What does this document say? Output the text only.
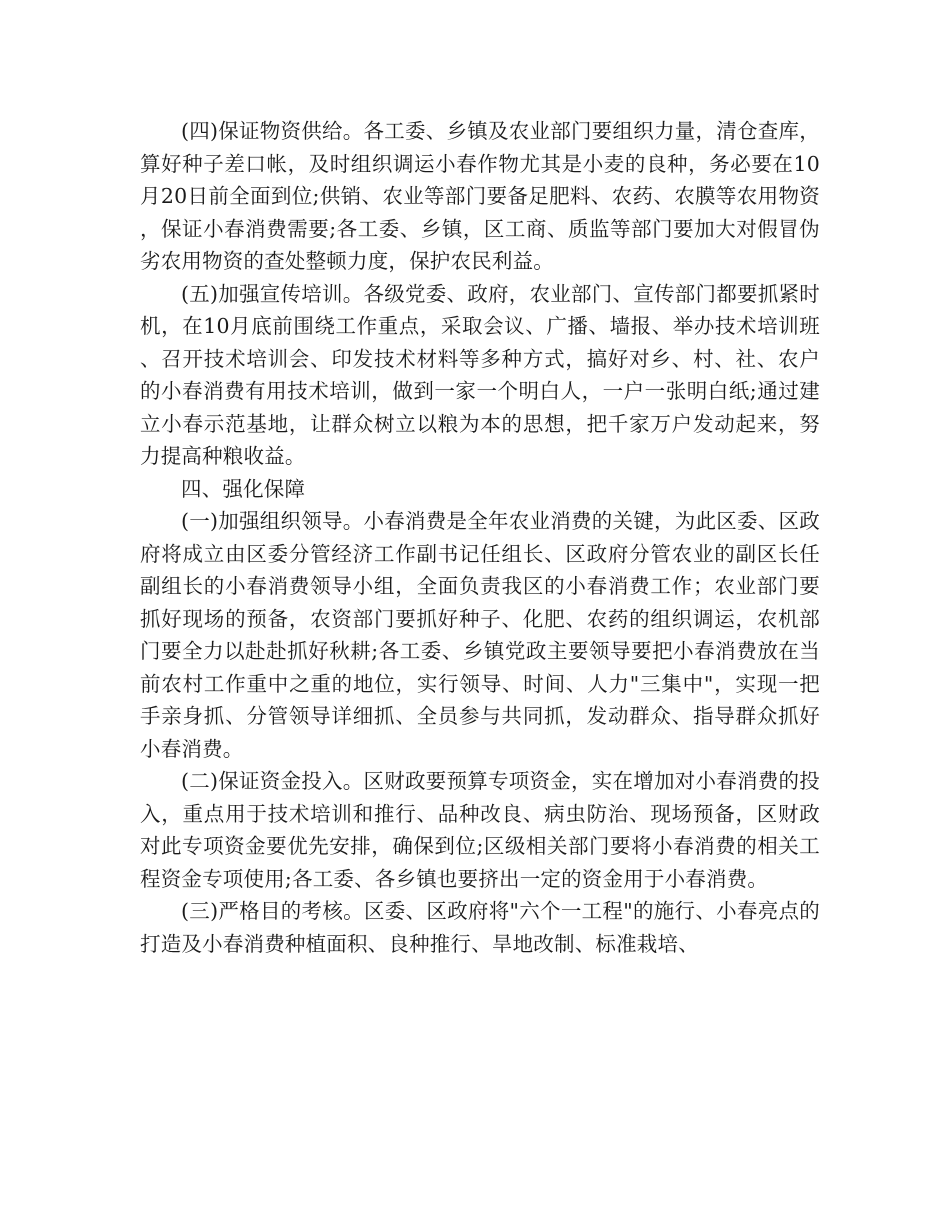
(四)保证物资供给。各工委、乡镇及农业部门要组织力量，清仓查库，算好种子差口帐，及时组织调运小春作物尤其是小麦的良种，务必要在10月20日前全面到位;供销、农业等部门要备足肥料、农药、农膜等农用物资，保证小春消费需要;各工委、乡镇，区工商、质监等部门要加大对假冒伪劣农用物资的查处整顿力度，保护农民利益。

(五)加强宣传培训。各级党委、政府，农业部门、宣传部门都要抓紧时机，在10月底前围绕工作重点，采取会议、广播、墙报、举办技术培训班、召开技术培训会、印发技术材料等多种方式，搞好对乡、村、社、农户的小春消费有用技术培训，做到一家一个明白人，一户一张明白纸;通过建立小春示范基地，让群众树立以粮为本的思想，把千家万户发动起来，努力提高种粮收益。

四、强化保障

(一)加强组织领导。小春消费是全年农业消费的关键，为此区委、区政府将成立由区委分管经济工作副书记任组长、区政府分管农业的副区长任副组长的小春消费领导小组，全面负责我区的小春消费工作；农业部门要抓好现场的预备，农资部门要抓好种子、化肥、农药的组织调运，农机部门要全力以赴赴抓好秋耕;各工委、乡镇党政主要领导要把小春消费放在当前农村工作重中之重的地位，实行领导、时间、人力"三集中"，实现一把手亲身抓、分管领导详细抓、全员参与共同抓，发动群众、指导群众抓好小春消费。

(二)保证资金投入。区财政要预算专项资金，实在增加对小春消费的投入，重点用于技术培训和推行、品种改良、病虫防治、现场预备，区财政对此专项资金要优先安排，确保到位;区级相关部门要将小春消费的相关工程资金专项使用;各工委、各乡镇也要挤出一定的资金用于小春消费。

(三)严格目的考核。区委、区政府将"六个一工程"的施行、小春亮点的打造及小春消费种植面积、良种推行、旱地改制、标准栽培、
